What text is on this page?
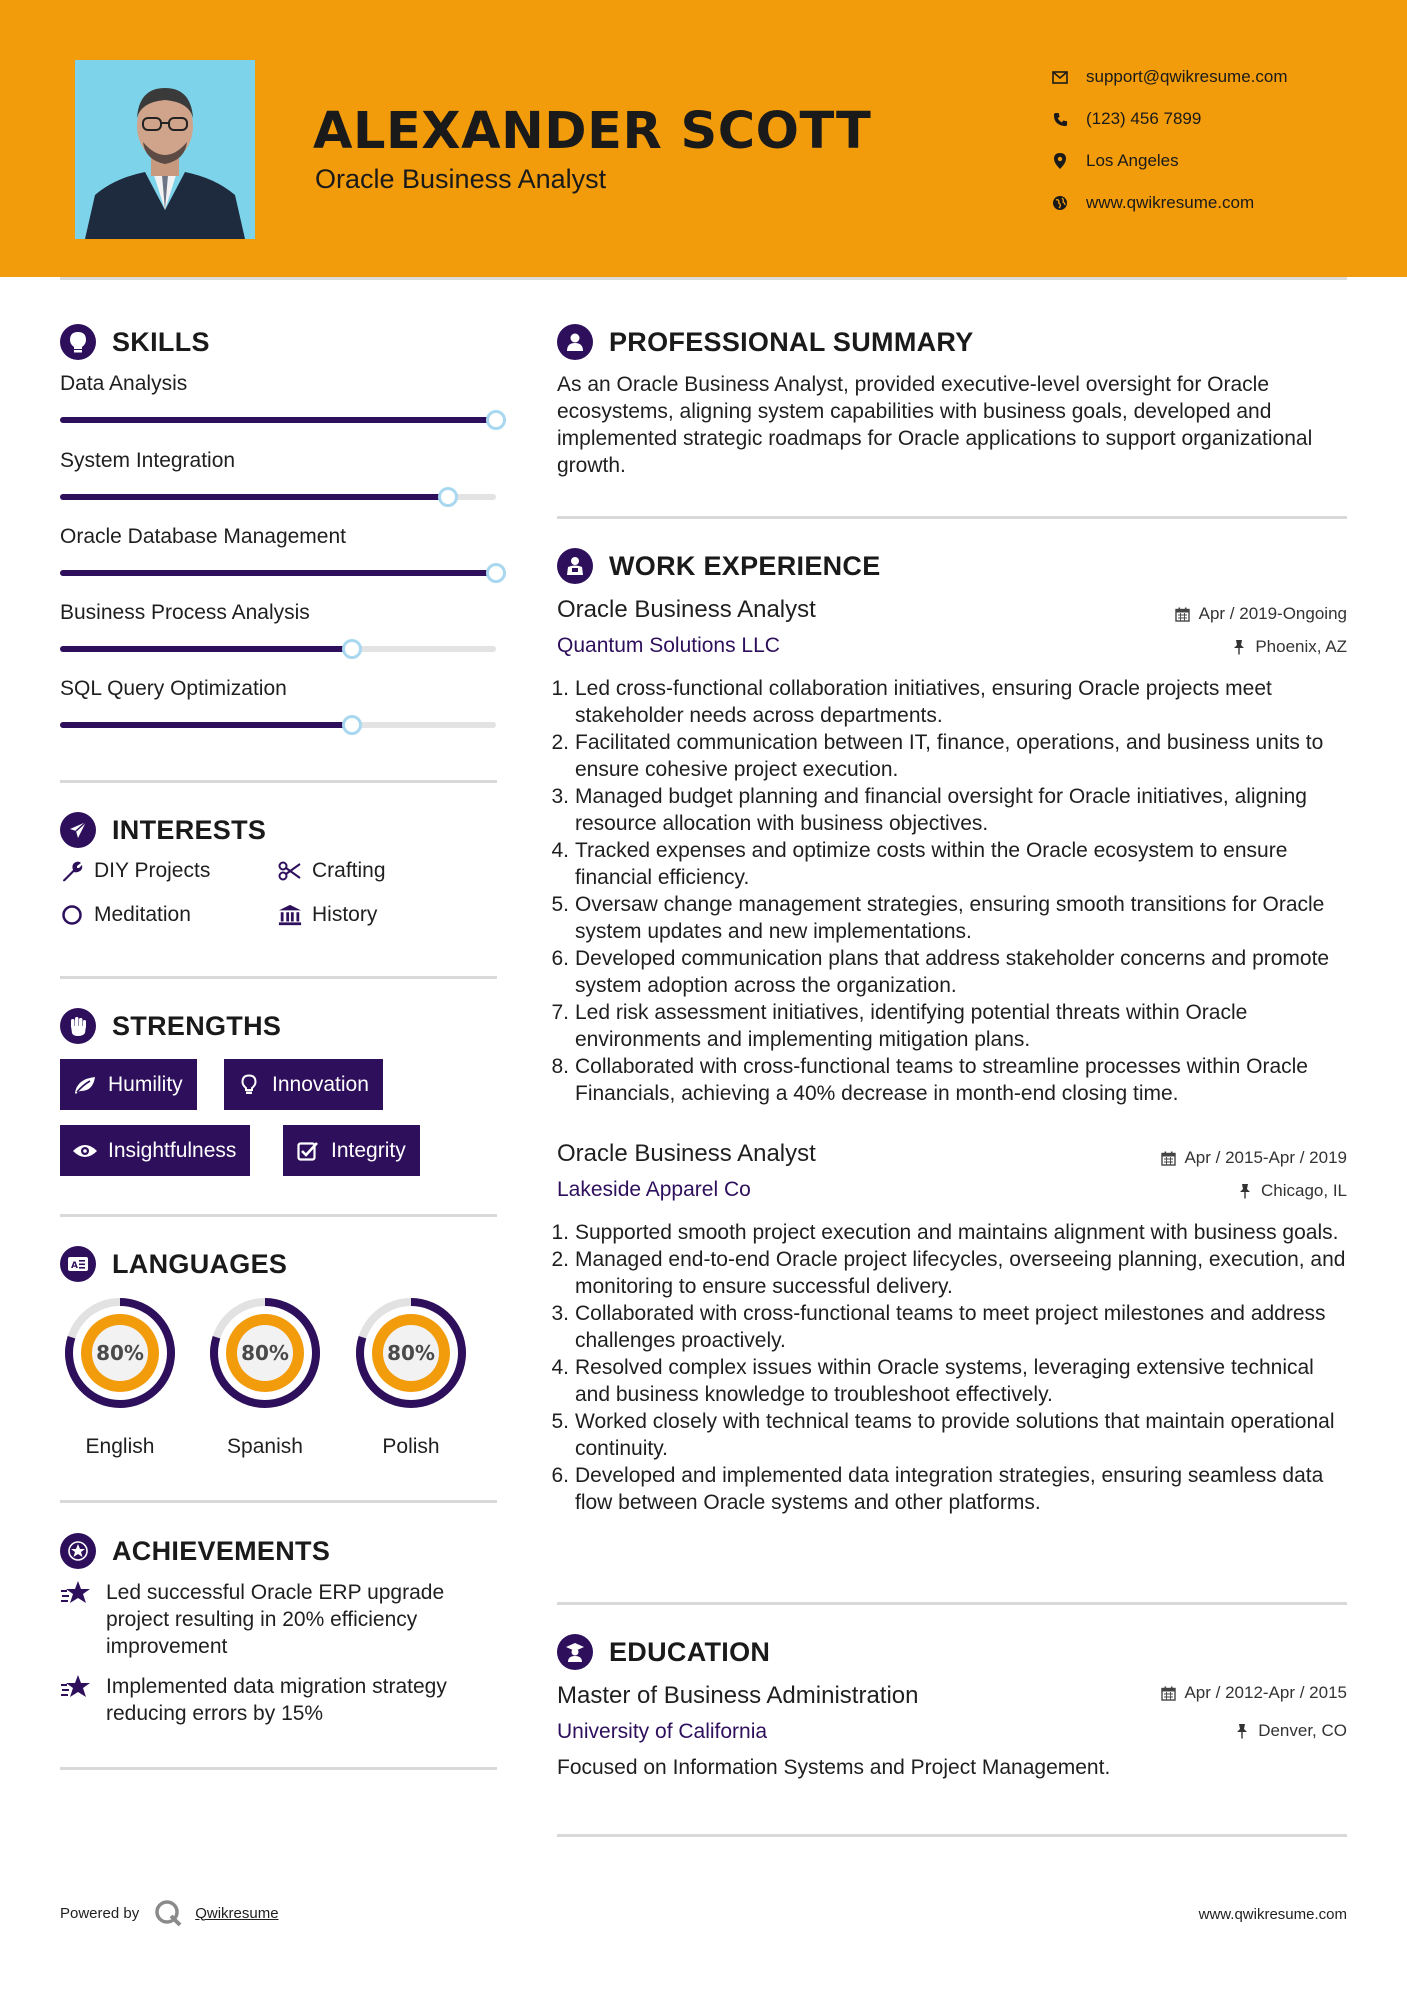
ALEXANDER SCOTT
Oracle Business Analyst
support@qwikresume.com
(123) 456 7899
Los Angeles
www.qwikresume.com
SKILLS
Data Analysis
System Integration
Oracle Database Management
Business Process Analysis
SQL Query Optimization
INTERESTS
DIY Projects	Crafting
Meditation	History
STRENGTHS
Humility	Innovation
Insightfulness	Integrity
A LANGUAGES
80%
English
80%
Spanish
80%
Polish
ACHIEVEMENTS
Led successful Oracle ERP upgrade project resulting in 20% efficiency improvement
Implemented data migration strategy reducing errors by 15%
PROFESSIONAL SUMMARY
As an Oracle Business Analyst, provided executive-level oversight for Oracle ecosystems, aligning system capabilities with business goals, developed and implemented strategic roadmaps for Oracle applications to support organizational growth.
WORK EXPERIENCE
Oracle Business Analyst	Apr / 2019-Ongoing
Quantum Solutions LLC	Phoenix, AZ
1. Led cross-functional collaboration initiatives, ensuring Oracle projects meet stakeholder needs across departments.
2. Facilitated communication between IT, finance, operations, and business units to ensure cohesive project execution.
3. Managed budget planning and financial oversight for Oracle initiatives, aligning resource allocation with business objectives.
4. Tracked expenses and optimize costs within the Oracle ecosystem to ensure financial efficiency.
5. Oversaw change management strategies, ensuring smooth transitions for Oracle system updates and new implementations.
6. Developed communication plans that address stakeholder concerns and promote system adoption across the organization.
7. Led risk assessment initiatives, identifying potential threats within Oracle environments and implementing mitigation plans.
8. Collaborated with cross-functional teams to streamline processes within Oracle Financials, achieving a 40% decrease in month-end closing time.
Oracle Business Analyst	Apr / 2015-Apr / 2019
Lakeside Apparel Co	Chicago, IL
1. Supported smooth project execution and maintains alignment with business goals.
2. Managed end-to-end Oracle project lifecycles, overseeing planning, execution, and monitoring to ensure successful delivery.
3. Collaborated with cross-functional teams to meet project milestones and address challenges proactively.
4. Resolved complex issues within Oracle systems, leveraging extensive technical and business knowledge to troubleshoot effectively.
5. Worked closely with technical teams to provide solutions that maintain operational continuity.
6. Developed and implemented data integration strategies, ensuring seamless data flow between Oracle systems and other platforms.
EDUCATION
Master of Business Administration	Apr / 2012-Apr / 2015
University of California	Denver, CO
Focused on Information Systems and Project Management.
Powered by	Qwikresume	www.qwikresume.com
